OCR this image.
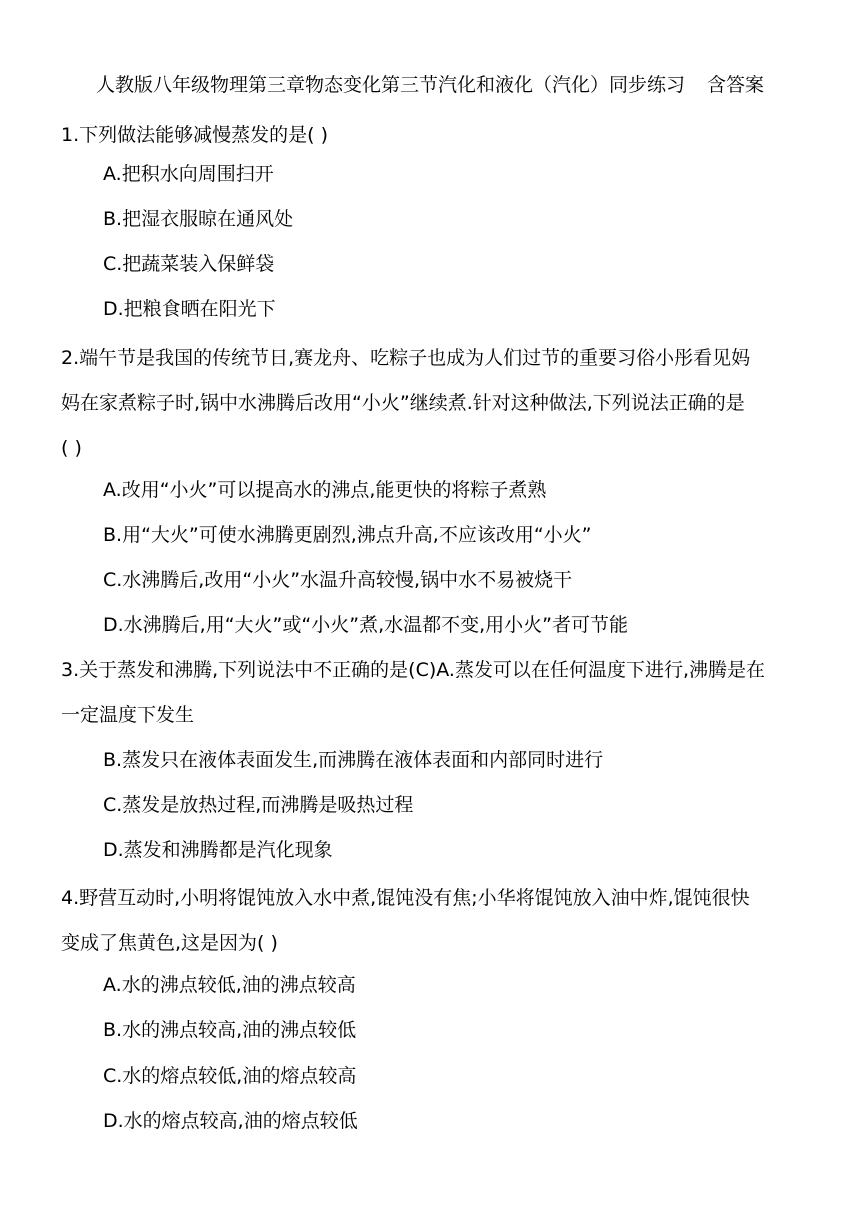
人教版八年级物理第三章物态变化第三节汽化和液化（汽化）同步练习 含答案
1.下列做法能够减慢蒸发的是( )
A.把积水向周围扫开
B.把湿衣服晾在通风处
C.把蔬菜装入保鲜袋
D.把粮食晒在阳光下
2.端午节是我国的传统节日,赛龙舟、吃粽子也成为人们过节的重要习俗小彤看见妈
妈在家煮粽子时,锅中水沸腾后改用“小火”继续煮.针对这种做法,下列说法正确的是
( )
A.改用“小火”可以提高水的沸点,能更快的将粽子煮熟
B.用“大火”可使水沸腾更剧烈,沸点升高,不应该改用“小火”
C.水沸腾后,改用“小火”水温升高较慢,锅中水不易被烧干
D.水沸腾后,用“大火”或“小火”煮,水温都不变,用小火”者可节能
3.关于蒸发和沸腾,下列说法中不正确的是(C)A.蒸发可以在任何温度下进行,沸腾是在
一定温度下发生
B.蒸发只在液体表面发生,而沸腾在液体表面和内部同时进行
C.蒸发是放热过程,而沸腾是吸热过程
D.蒸发和沸腾都是汽化现象
4.野营互动时,小明将馄饨放入水中煮,馄饨没有焦;小华将馄饨放入油中炸,馄饨很快
变成了焦黄色,这是因为( )
A.水的沸点较低,油的沸点较高
B.水的沸点较高,油的沸点较低
C.水的熔点较低,油的熔点较高
D.水的熔点较高,油的熔点较低
